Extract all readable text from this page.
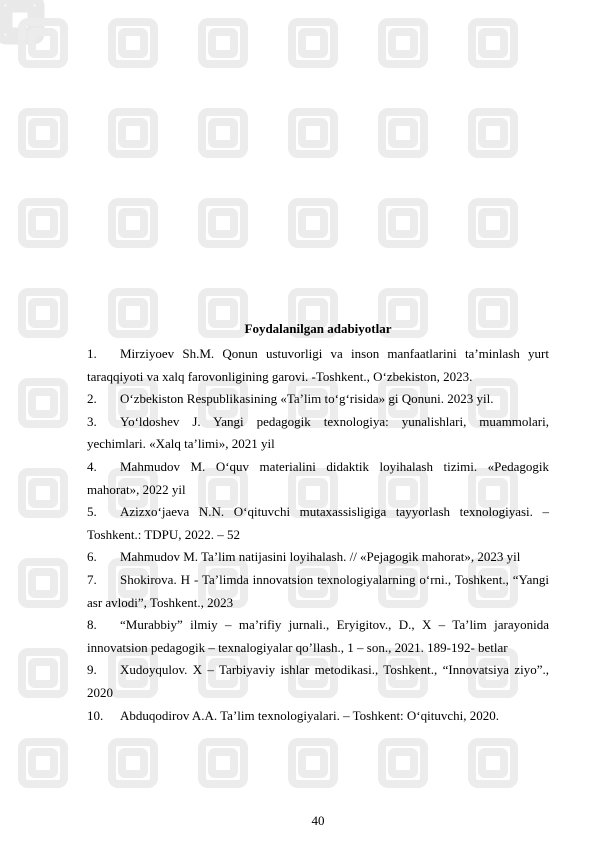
Foydalanilgan adabiyotlar
1.	Mirziyoev Sh.M. Qonun ustuvorligi va inson manfaatlarini ta’minlash yurt taraqqiyoti va xalq farovonligining garovi. -Toshkent., O‘zbekiston, 2023.
2.	O‘zbekiston Respublikasining «Ta’lim to‘g‘risida» gi Qonuni. 2023 yil.
3.	Yo‘ldoshev J. Yangi pedagogik texnologiya: yunalishlari, muammolari, yechimlari. «Xalq ta’limi», 2021 yil
4.	Mahmudov M. O‘quv materialini didaktik loyihalash tizimi. «Pedagogik mahorat», 2022 yil
5.	Azizxo‘jaeva N.N. O‘qituvchi mutaxassisligiga tayyorlash texnologiyasi. – Toshkent.: TDPU, 2022. – 52
6.	Mahmudov M. Ta’lim natijasini loyihalash. // «Pejagogik mahorat», 2023 yil
7.	Shokirova. H - Ta’limda innovatsion texnologiyalarning o‘rni., Toshkent., “Yangi asr avlodi”, Toshkent., 2023
8.	“Murabbiy” ilmiy – ma’rifiy jurnali., Eryigitov., D., X – Ta’lim jarayonida innovatsion pedagogik – texnalogiyalar qo’llash., 1 – son., 2021. 189-192- betlar
9.	Xudoyqulov. X – Tarbiyaviy ishlar metodikasi., Toshkent., “Innovatsiya ziyo”., 2020
10.	Abduqodirov A.A. Ta’lim texnologiyalari. – Toshkent: O‘qituvchi, 2020.
40
